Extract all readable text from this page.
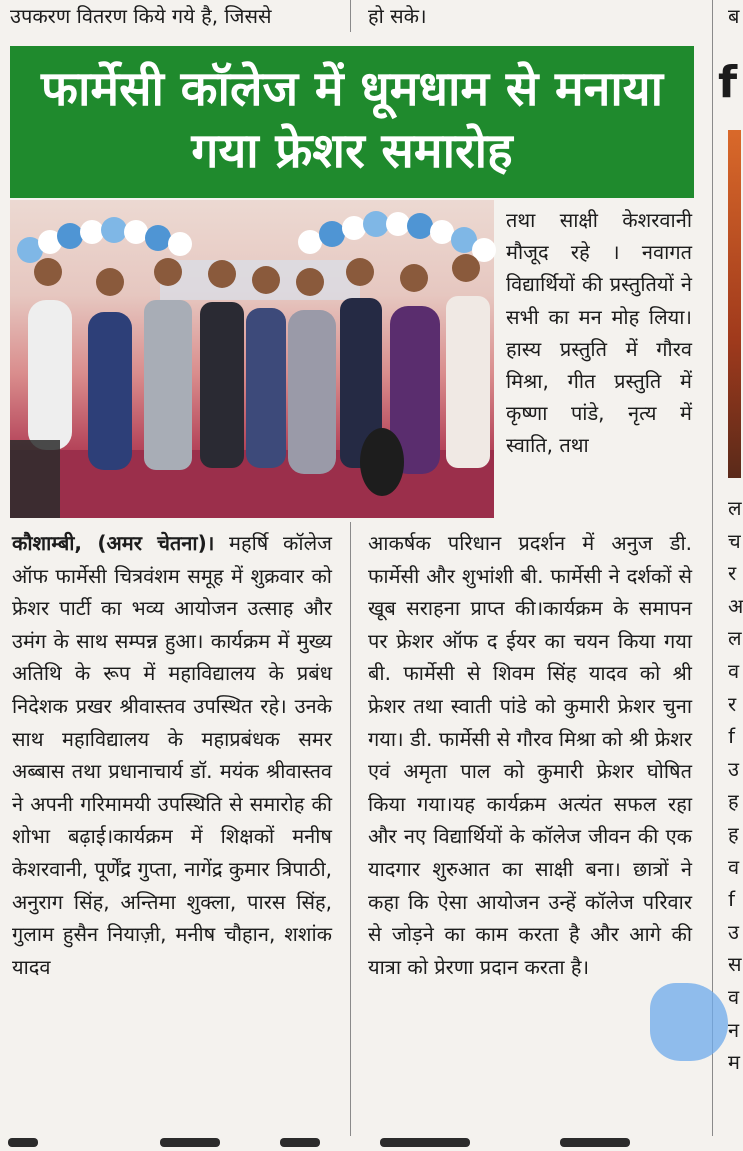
उपकरण वितरण किये गये है, जिससे	हो सके।	ब
फार्मेसी कॉलेज में धूमधाम से मनाया
गया फ्रेशर समारोह
तथा साक्षी केशरवानी मौजूद रहे । नवागत विद्यार्थियों की प्रस्तुतियों ने सभी का मन मोह लिया। हास्य प्रस्तुति में गौरव मिश्रा, गीत प्रस्तुति में कृष्णा पांडे, नृत्य में स्वाति, तथा
कौशाम्बी, (अमर चेतना)। महर्षि कॉलेज ऑफ फार्मेसी चित्रवंशम समूह में शुक्रवार को फ्रेशर पार्टी का भव्य आयोजन उत्साह और उमंग के साथ सम्पन्न हुआ। कार्यक्रम में मुख्य अतिथि के रूप में महाविद्यालय के प्रबंध निदेशक प्रखर श्रीवास्तव उपस्थित रहे। उनके साथ महाविद्यालय के महाप्रबंधक समर अब्बास तथा प्रधानाचार्य डॉ. मयंक श्रीवास्तव ने अपनी गरिमामयी उपस्थिति से समारोह की शोभा बढ़ाई।कार्यक्रम में शिक्षकों मनीष केशरवानी, पूर्णेंद्र गुप्ता, नागेंद्र कुमार त्रिपाठी, अनुराग सिंह, अन्तिमा शुक्ला, पारस सिंह, गुलाम हुसैन नियाज़ी, मनीष चौहान, शशांक यादव
आकर्षक परिधान प्रदर्शन में अनुज डी. फार्मेसी और शुभांशी बी. फार्मेसी ने दर्शकों से खूब सराहना प्राप्त की।कार्यक्रम के समापन पर फ्रेशर ऑफ द ईयर का चयन किया गया बी. फार्मेसी से शिवम सिंह यादव को श्री फ्रेशर तथा स्वाती पांडे को कुमारी फ्रेशर चुना गया। डी. फार्मेसी से गौरव मिश्रा को श्री फ्रेशर एवं अमृता पाल को कुमारी फ्रेशर घोषित किया गया।यह कार्यक्रम अत्यंत सफल रहा और नए विद्यार्थियों के कॉलेज जीवन की एक यादगार शुरुआत का साक्षी बना। छात्रों ने कहा कि ऐसा आयोजन उन्हें कॉलेज परिवार से जोड़ने का काम करता है और आगे की यात्रा को प्रेरणा प्रदान करता है।
f
ल
च
र
अ
ल
व
र
f
उ
ह
ह
व
f
उ
स
व
न
म
